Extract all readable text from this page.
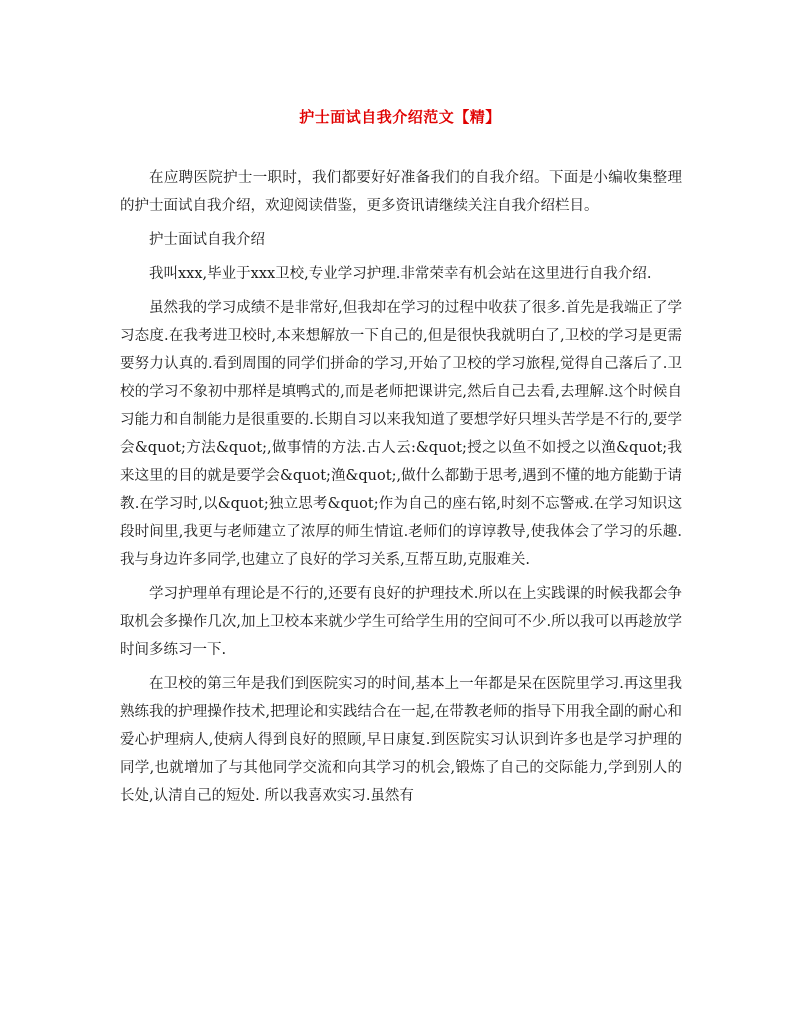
护士面试自我介绍范文【精】

在应聘医院护士一职时，我们都要好好准备我们的自我介绍。下面是小编收集整理的护士面试自我介绍，欢迎阅读借鉴，更多资讯请继续关注自我介绍栏目。

护士面试自我介绍

我叫xxx,毕业于xxx卫校,专业学习护理.非常荣幸有机会站在这里进行自我介绍.

虽然我的学习成绩不是非常好,但我却在学习的过程中收获了很多.首先是我端正了学习态度.在我考进卫校时,本来想解放一下自己的,但是很快我就明白了,卫校的学习是更需要努力认真的.看到周围的同学们拼命的学习,开始了卫校的学习旅程,觉得自己落后了.卫校的学习不象初中那样是填鸭式的,而是老师把课讲完,然后自己去看,去理解.这个时候自习能力和自制能力是很重要的.长期自习以来我知道了要想学好只埋头苦学是不行的,要学会&quot;方法&quot;,做事情的方法.古人云:&quot;授之以鱼不如授之以渔&quot;我来这里的目的就是要学会&quot;渔&quot;,做什么都勤于思考,遇到不懂的地方能勤于请教.在学习时,以&quot;独立思考&quot;作为自己的座右铭,时刻不忘警戒.在学习知识这段时间里,我更与老师建立了浓厚的师生情谊.老师们的谆谆教导,使我体会了学习的乐趣.我与身边许多同学,也建立了良好的学习关系,互帮互助,克服难关.

学习护理单有理论是不行的,还要有良好的护理技术.所以在上实践课的时候我都会争取机会多操作几次,加上卫校本来就少学生可给学生用的空间可不少.所以我可以再趁放学时间多练习一下.

在卫校的第三年是我们到医院实习的时间,基本上一年都是呆在医院里学习.再这里我熟练我的护理操作技术,把理论和实践结合在一起,在带教老师的指导下用我全副的耐心和爱心护理病人,使病人得到良好的照顾,早日康复.到医院实习认识到许多也是学习护理的同学,也就增加了与其他同学交流和向其学习的机会,锻炼了自己的交际能力,学到别人的长处,认清自己的短处. 所以我喜欢实习.虽然有
